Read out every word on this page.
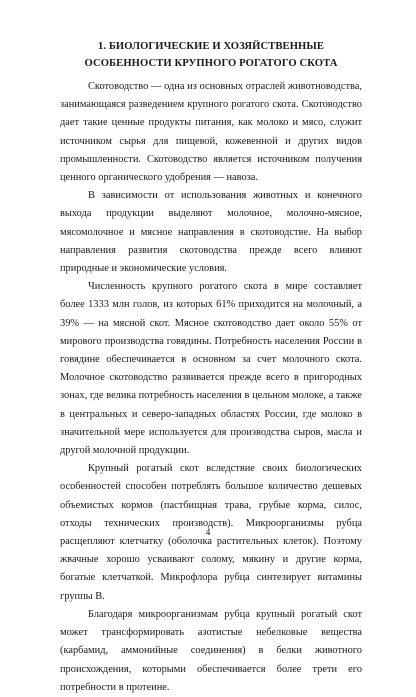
1. БИОЛОГИЧЕСКИЕ И ХОЗЯЙСТВЕННЫЕ
ОСОБЕННОСТИ КРУПНОГО РОГАТОГО СКОТА

Скотоводство — одна из основных отраслей животноводства, занимающаяся разведением крупного рогатого скота. Скотоводство дает такие ценные продукты питания, как молоко и мясо, служит источником сырья для пищевой, кожевенной и других видов промышленности. Скотоводство является источником получения ценного органического удобрения — навоза.

В зависимости от использования животных и конечного выхода продукции выделяют молочное, молочно-мясное, мясомолочное и мясное направления в скотоводстве. На выбор направления развития скотоводства прежде всего влияют природные и экономические условия.

Численность крупного рогатого скота в мире составляет более 1333 млн голов, из которых 61% приходится на молочный, а 39% — на мясной скот. Мясное скотоводство дает около 55% от мирового производства говядины. Потребность населения России в говядине обеспечивается в основном за счет молочного скота. Молочное скотоводство развивается прежде всего в пригородных зонах, где велика потребность населения в цельном молоке, а также в центральных и северо-западных областях России, где молоко в значительной мере используется для производства сыров, масла и другой молочной продукции.

Крупный рогатый скот вследствие своих биологических особенностей способен потреблять большое количество дешевых объемистых кормов (пастбищная трава, грубые корма, силос, отходы технических производств). Микроорганизмы рубца расщепляют клетчатку (оболочка растительных клеток). Поэтому жвачные хорошо усваивают солому, мякину и другие корма, богатые клетчаткой. Микрофлора рубца синтезирует витамины группы В.

Благодаря микроорганизмам рубца крупный рогатый скот может трансформировать азотистые небелковые вещества (карбамид, аммонийные соединения) в белки животного происхождения, которыми обеспечивается более трети его потребности в протеине.

4
